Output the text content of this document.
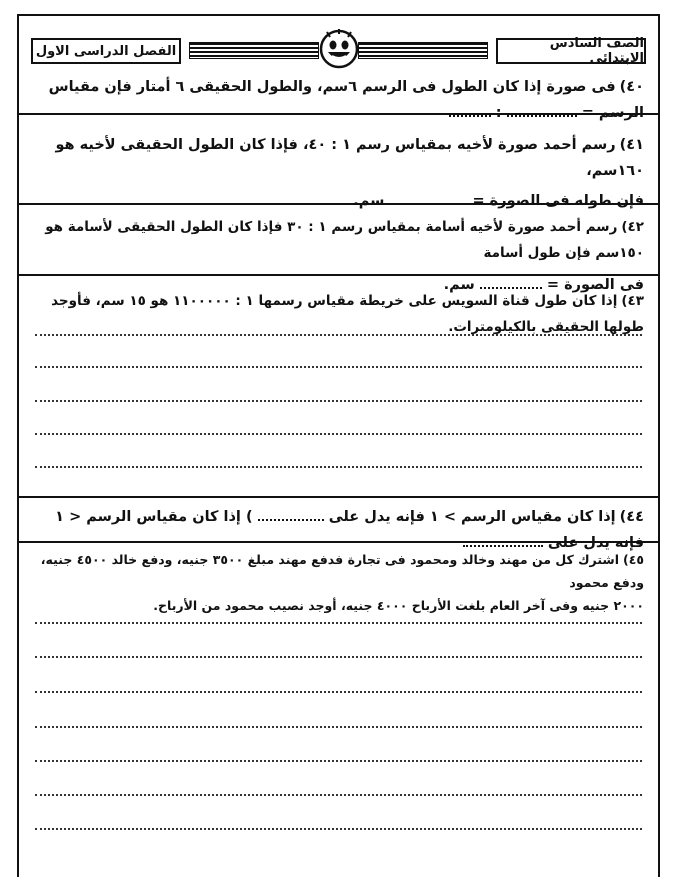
الصف السادس الابتدائى
الفصل الدراسى الاول
٤٠)فى صورة إذا كان الطول فى الرسم ٦سم، والطول الحقيقى ٦ أمتار فإن مقياس الرسم =  :
٤١)رسم أحمد صورة لأخيه بمقياس رسم ١ : ٤٠، فإذا كان الطول الحقيقى لأخيه هو ١٦٠سم،
فإن طوله فى الصورة =  سم.
٤٢)رسم أحمد صورة لأخيه أسامة بمقياس رسم ١ : ٣٠ فإذا كان الطول الحقيقى لأسامة هو ١٥٠سم فإن طول أسامة
فى الصورة =  سم.
٤٣)إذا كان طول قناة السويس على خريطة مقياس رسمها ١ : ١١٠٠٠٠٠ هو ١٥ سم، فأوجد طولها الحقيقى بالكيلومترات.
٤٤)إذا كان مقياس الرسم > ١ فإنه يدل على  ) إذا كان مقياس الرسم < ١ فإنه يدل على
٤٥)اشترك كل من مهند وخالد ومحمود فى تجارة فدفع مهند مبلغ ٣٥٠٠ جنيه، ودفع خالد ٤٥٠٠ جنيه، ودفع محمود
٢٠٠٠ جنيه وفى آخر العام بلغت الأرباح ٤٠٠٠ جنيه، أوجد نصيب محمود من الأرباح.
